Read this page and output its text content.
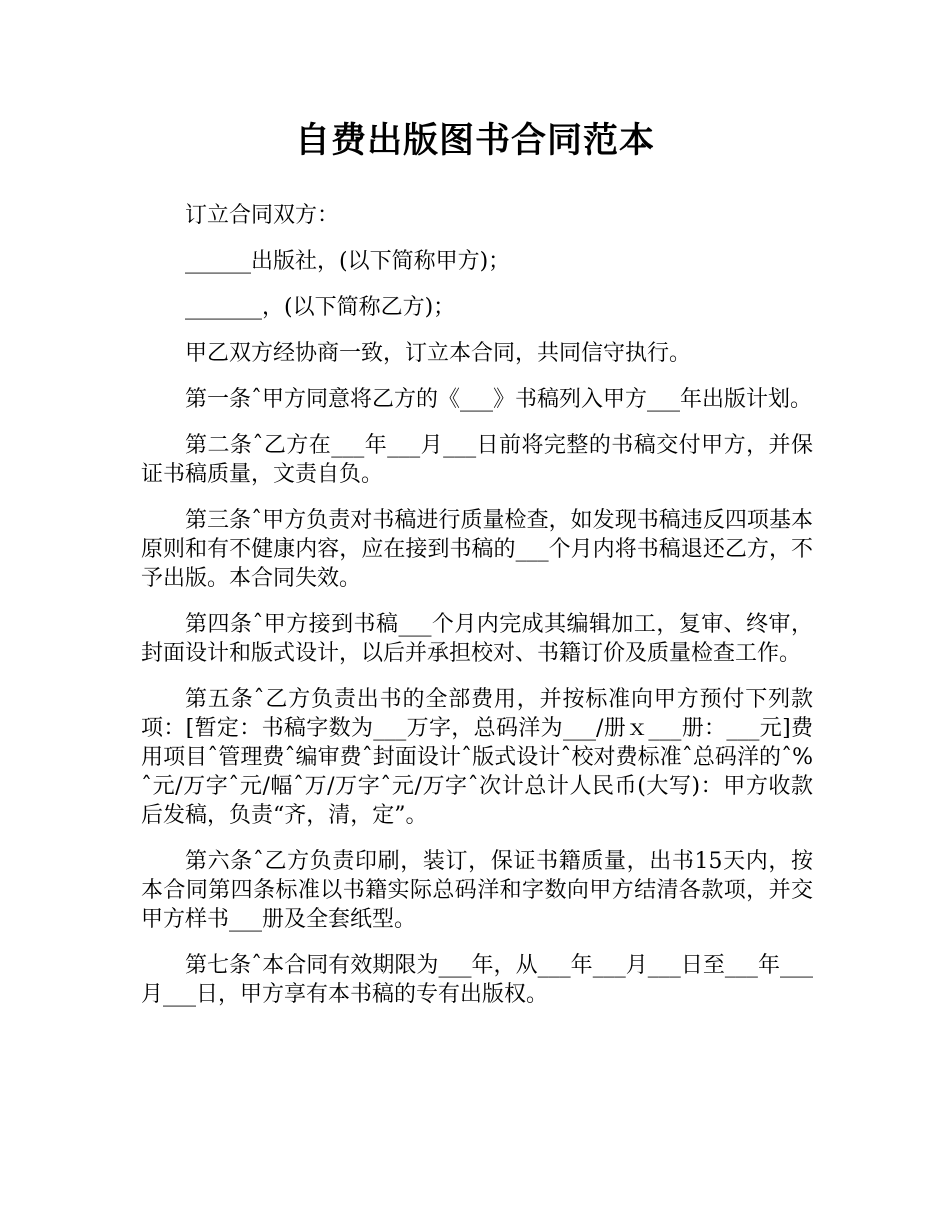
自费出版图书合同范本

订立合同双方：

______出版社，(以下简称甲方)；

_______，(以下简称乙方)；

甲乙双方经协商一致，订立本合同，共同信守执行。

第一条ˆ甲方同意将乙方的《___》书稿列入甲方___年出版计划。

第二条ˆ乙方在___年___月___日前将完整的书稿交付甲方，并保证书稿质量，文责自负。

第三条ˆ甲方负责对书稿进行质量检查，如发现书稿违反四项基本原则和有不健康内容，应在接到书稿的___个月内将书稿退还乙方，不予出版。本合同失效。

第四条ˆ甲方接到书稿___个月内完成其编辑加工，复审、终审，封面设计和版式设计，以后并承担校对、书籍订价及质量检查工作。

第五条ˆ乙方负责出书的全部费用，并按标准向甲方预付下列款项：[暂定：书稿字数为___万字，总码洋为___/册ｘ___册：___元]费用项目ˆ管理费ˆ编审费ˆ封面设计ˆ版式设计ˆ校对费标准ˆ总码洋的ˆ%ˆ元/万字ˆ元/幅ˆ万/万字ˆ元/万字ˆ次计总计人民币(大写)：甲方收款后发稿，负责“齐，清，定”。

第六条ˆ乙方负责印刷，装订，保证书籍质量，出书15天内，按本合同第四条标准以书籍实际总码洋和字数向甲方结清各款项，并交甲方样书___册及全套纸型。

第七条ˆ本合同有效期限为___年，从___年___月___日至___年___月___日，甲方享有本书稿的专有出版权。
